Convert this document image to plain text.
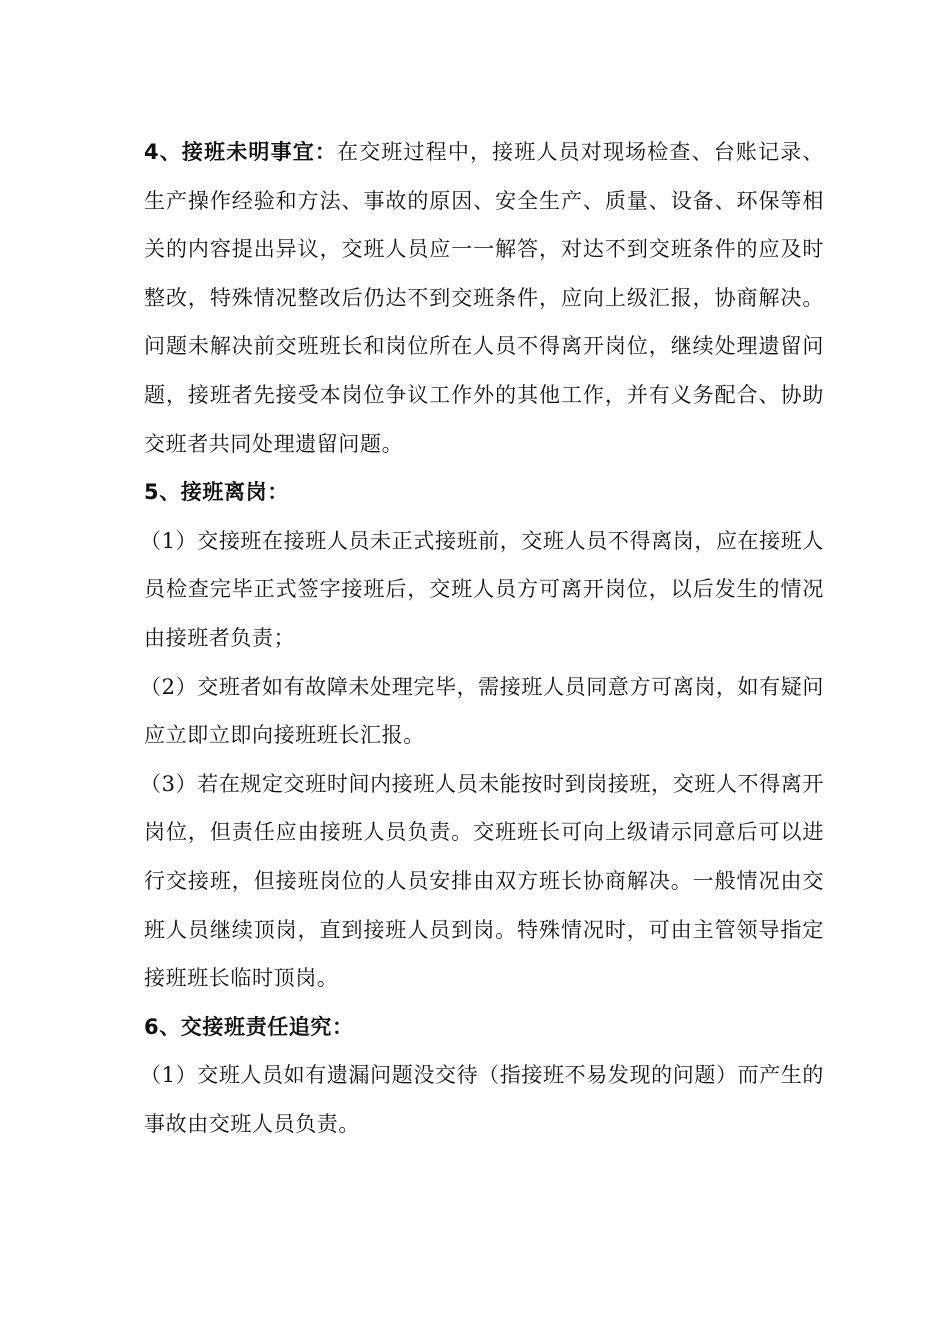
4、接班未明事宜：在交班过程中，接班人员对现场检查、台账记录、生产操作经验和方法、事故的原因、安全生产、质量、设备、环保等相关的内容提出异议，交班人员应一一解答，对达不到交班条件的应及时整改，特殊情况整改后仍达不到交班条件，应向上级汇报，协商解决。问题未解决前交班班长和岗位所在人员不得离开岗位，继续处理遗留问题，接班者先接受本岗位争议工作外的其他工作，并有义务配合、协助交班者共同处理遗留问题。

5、接班离岗：

（1）交接班在接班人员未正式接班前，交班人员不得离岗，应在接班人员检查完毕正式签字接班后，交班人员方可离开岗位，以后发生的情况由接班者负责；

（2）交班者如有故障未处理完毕，需接班人员同意方可离岗，如有疑问应立即立即向接班班长汇报。

（3）若在规定交班时间内接班人员未能按时到岗接班，交班人不得离开岗位，但责任应由接班人员负责。交班班长可向上级请示同意后可以进行交接班，但接班岗位的人员安排由双方班长协商解决。一般情况由交班人员继续顶岗，直到接班人员到岗。特殊情况时，可由主管领导指定接班班长临时顶岗。

6、交接班责任追究：

（1）交班人员如有遗漏问题没交待（指接班不易发现的问题）而产生的事故由交班人员负责。
